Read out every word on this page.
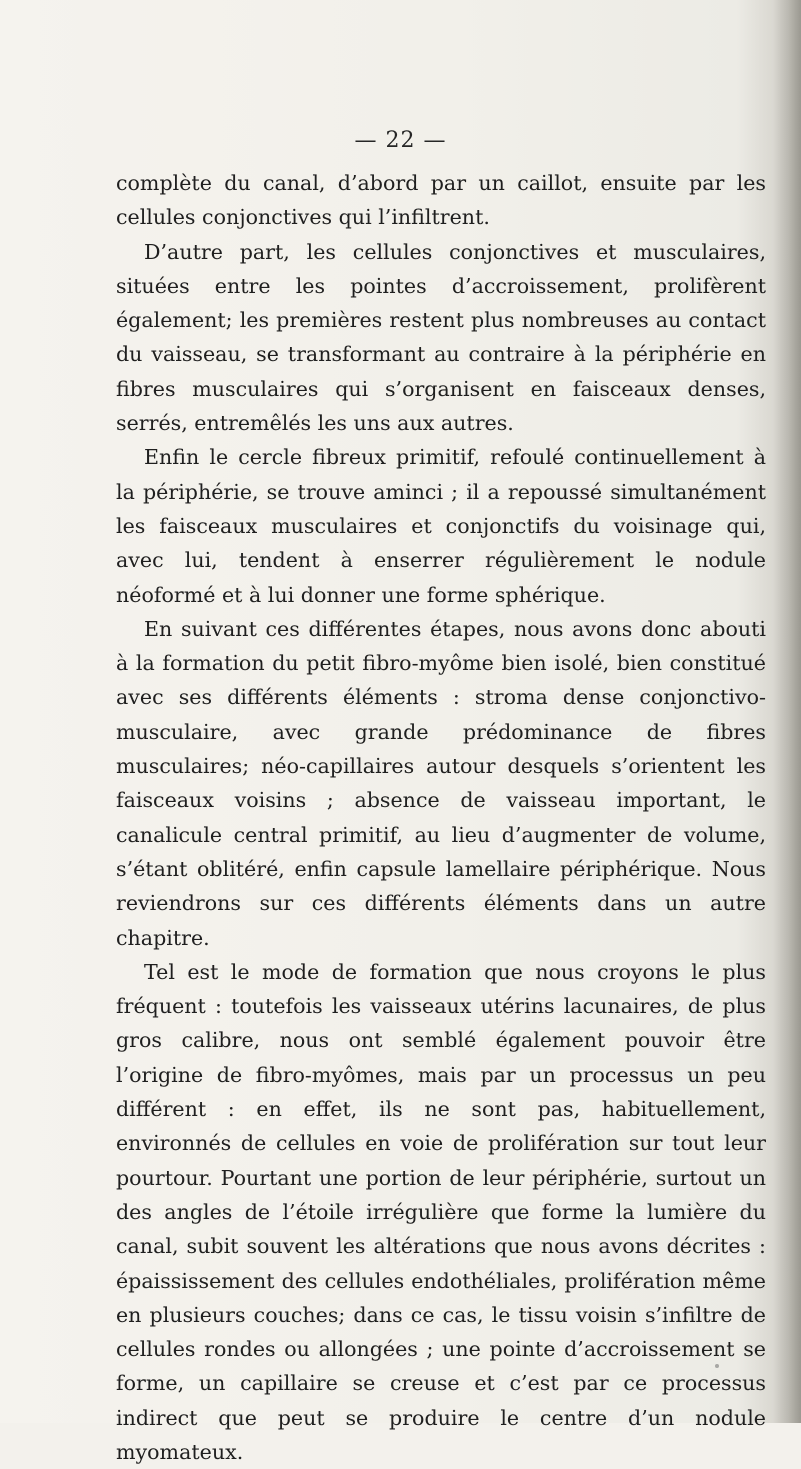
— 22 —

complète du canal, d’abord par un caillot, ensuite par les cellules conjonctives qui l’infiltrent.

D’autre part, les cellules conjonctives et musculaires, situées entre les pointes d’accroissement, prolifèrent également; les premières restent plus nombreuses au contact du vaisseau, se transformant au contraire à la périphérie en fibres musculaires qui s’organisent en faisceaux denses, serrés, entremêlés les uns aux autres.

Enfin le cercle fibreux primitif, refoulé continuellement à la périphérie, se trouve aminci ; il a repoussé simultanément les faisceaux musculaires et conjonctifs du voisinage qui, avec lui, tendent à enserrer régulièrement le nodule néoformé et à lui donner une forme sphérique.

En suivant ces différentes étapes, nous avons donc abouti à la formation du petit fibro-myôme bien isolé, bien constitué avec ses différents éléments : stroma dense conjonctivo-musculaire, avec grande prédominance de fibres musculaires; néo-capillaires autour desquels s’orientent les faisceaux voisins ; absence de vaisseau important, le canalicule central primitif, au lieu d’augmenter de volume, s’étant oblitéré, enfin capsule lamellaire périphérique. Nous reviendrons sur ces différents éléments dans un autre chapitre.

Tel est le mode de formation que nous croyons le plus fréquent : toutefois les vaisseaux utérins lacunaires, de plus gros calibre, nous ont semblé également pouvoir être l’origine de fibro-myômes, mais par un processus un peu différent : en effet, ils ne sont pas, habituellement, environnés de cellules en voie de prolifération sur tout leur pourtour. Pourtant une portion de leur périphérie, surtout un des angles de l’étoile irrégulière que forme la lumière du canal, subit souvent les altérations que nous avons décrites : épaississement des cellules endothéliales, prolifération même en plusieurs couches; dans ce cas, le tissu voisin s’infiltre de cellules rondes ou allongées ; une pointe d’accroissement se forme, un capillaire se creuse et c’est par ce processus indirect que peut se produire le centre d’un nodule myomateux.
